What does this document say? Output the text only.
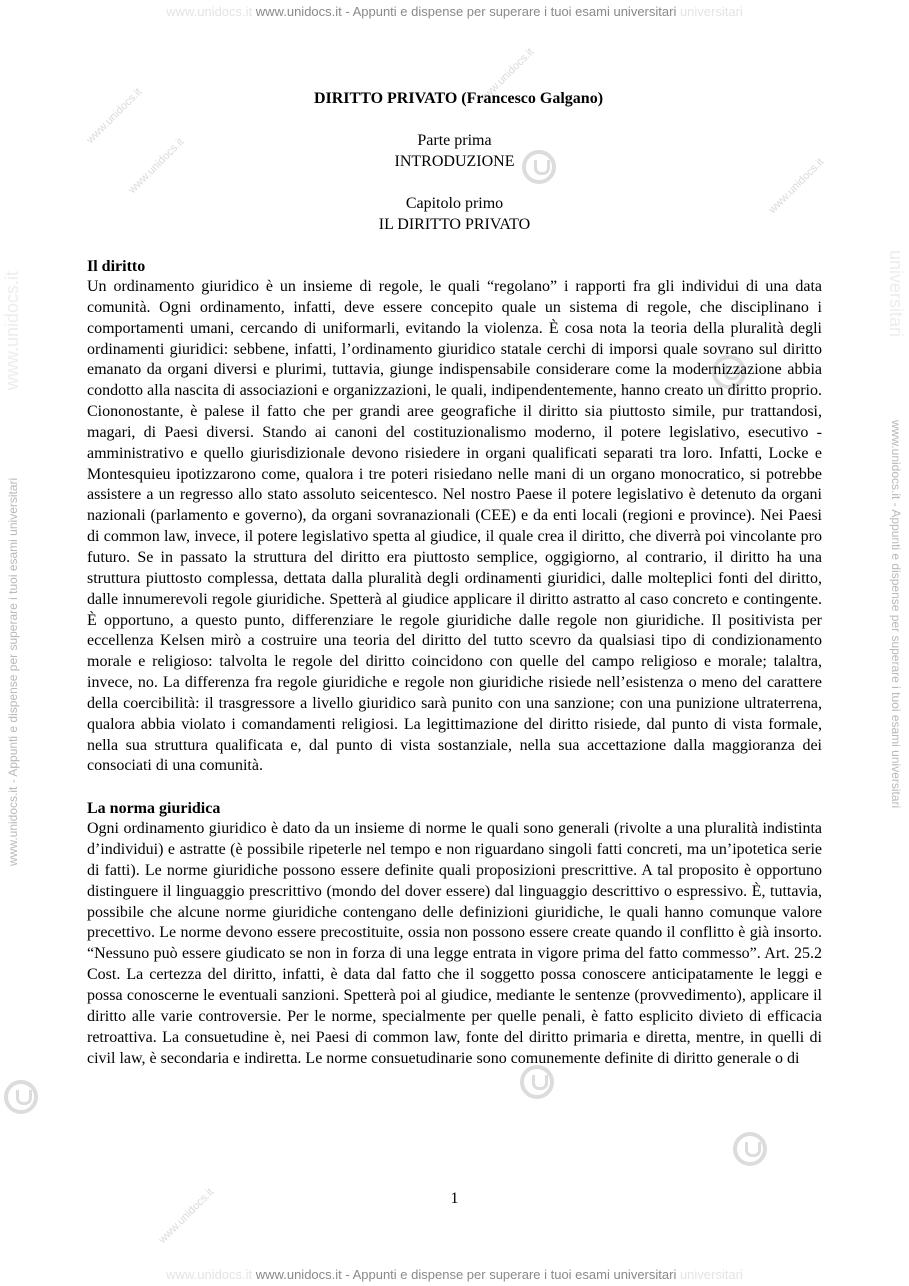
www.unidocs.it www.unidocs.it - Appunti e dispense per superare i tuoi esami universitari universitari
www.unidocs.it www.unidocs.it - Appunti e dispense per superare i tuoi esami universitari universitari
www.unidocs.it	universitari
www.unidocs.it - Appunti e dispense per superare i tuoi esami universitari	www.unidocs.it - Appunti e dispense per superare i tuoi esami universitari
www.unidocs.it
www.unidocs.it
www.unidocs.it
www.unidocs.it
www.unidocs.it
DIRITTO PRIVATO (Francesco Galgano)
Parte prima
INTRODUZIONE
Capitolo primo
IL DIRITTO PRIVATO
Il diritto
Un ordinamento giuridico è un insieme di regole, le quali “regolano” i rapporti fra gli individui di una data comunità. Ogni ordinamento, infatti, deve essere concepito quale un sistema di regole, che disciplinano i comportamenti umani, cercando di uniformarli, evitando la violenza. È cosa nota la teoria della pluralità degli ordinamenti giuridici: sebbene, infatti, l’ordinamento giuridico statale cerchi di imporsi quale sovrano sul diritto emanato da organi diversi e plurimi, tuttavia, giunge indispensabile considerare come la modernizzazione abbia condotto alla nascita di associazioni e organizzazioni, le quali, indipendentemente, hanno creato un diritto proprio. Ciononostante, è palese il fatto che per grandi aree geografiche il diritto sia piuttosto simile, pur trattandosi, magari, di Paesi diversi. Stando ai canoni del costituzionalismo moderno, il potere legislativo, esecutivo - amministrativo e quello giurisdizionale devono risiedere in organi qualificati separati tra loro. Infatti, Locke e Montesquieu ipotizzarono come, qualora i tre poteri risiedano nelle mani di un organo monocratico, si potrebbe assistere a un regresso allo stato assoluto seicentesco. Nel nostro Paese il potere legislativo è detenuto da organi nazionali (parlamento e governo), da organi sovranazionali (CEE) e da enti locali (regioni e province). Nei Paesi di common law, invece, il potere legislativo spetta al giudice, il quale crea il diritto, che diverrà poi vincolante pro futuro. Se in passato la struttura del diritto era piuttosto semplice, oggigiorno, al contrario, il diritto ha una struttura piuttosto complessa, dettata dalla pluralità degli ordinamenti giuridici, dalle molteplici fonti del diritto, dalle innumerevoli regole giuridiche. Spetterà al giudice applicare il diritto astratto al caso concreto e contingente. È opportuno, a questo punto, differenziare le regole giuridiche dalle regole non giuridiche. Il positivista per eccellenza Kelsen mirò a costruire una teoria del diritto del tutto scevro da qualsiasi tipo di condizionamento morale e religioso: talvolta le regole del diritto coincidono con quelle del campo religioso e morale; talaltra, invece, no. La differenza fra regole giuridiche e regole non giuridiche risiede nell’esistenza o meno del carattere della coercibilità: il trasgressore a livello giuridico sarà punito con una sanzione; con una punizione ultraterrena, qualora abbia violato i comandamenti religiosi. La legittimazione del diritto risiede, dal punto di vista formale, nella sua struttura qualificata e, dal punto di vista sostanziale, nella sua accettazione dalla maggioranza dei consociati di una comunità.
La norma giuridica
Ogni ordinamento giuridico è dato da un insieme di norme le quali sono generali (rivolte a una pluralità indistinta d’individui) e astratte (è possibile ripeterle nel tempo e non riguardano singoli fatti concreti, ma un’ipotetica serie di fatti). Le norme giuridiche possono essere definite quali proposizioni prescrittive. A tal proposito è opportuno distinguere il linguaggio prescrittivo (mondo del dover essere) dal linguaggio descrittivo o espressivo. È, tuttavia, possibile che alcune norme giuridiche contengano delle definizioni giuridiche, le quali hanno comunque valore precettivo. Le norme devono essere precostituite, ossia non possono essere create quando il conflitto è già insorto. “Nessuno può essere giudicato se non in forza di una legge entrata in vigore prima del fatto commesso”. Art. 25.2 Cost. La certezza del diritto, infatti, è data dal fatto che il soggetto possa conoscere anticipatamente le leggi e possa conoscerne le eventuali sanzioni. Spetterà poi al giudice, mediante le sentenze (provvedimento), applicare il diritto alle varie controversie. Per le norme, specialmente per quelle penali, è fatto esplicito divieto di efficacia retroattiva. La consuetudine è, nei Paesi di common law, fonte del diritto primaria e diretta, mentre, in quelli di civil law, è secondaria e indiretta. Le norme consuetudinarie sono comunemente definite di diritto generale o di
1
